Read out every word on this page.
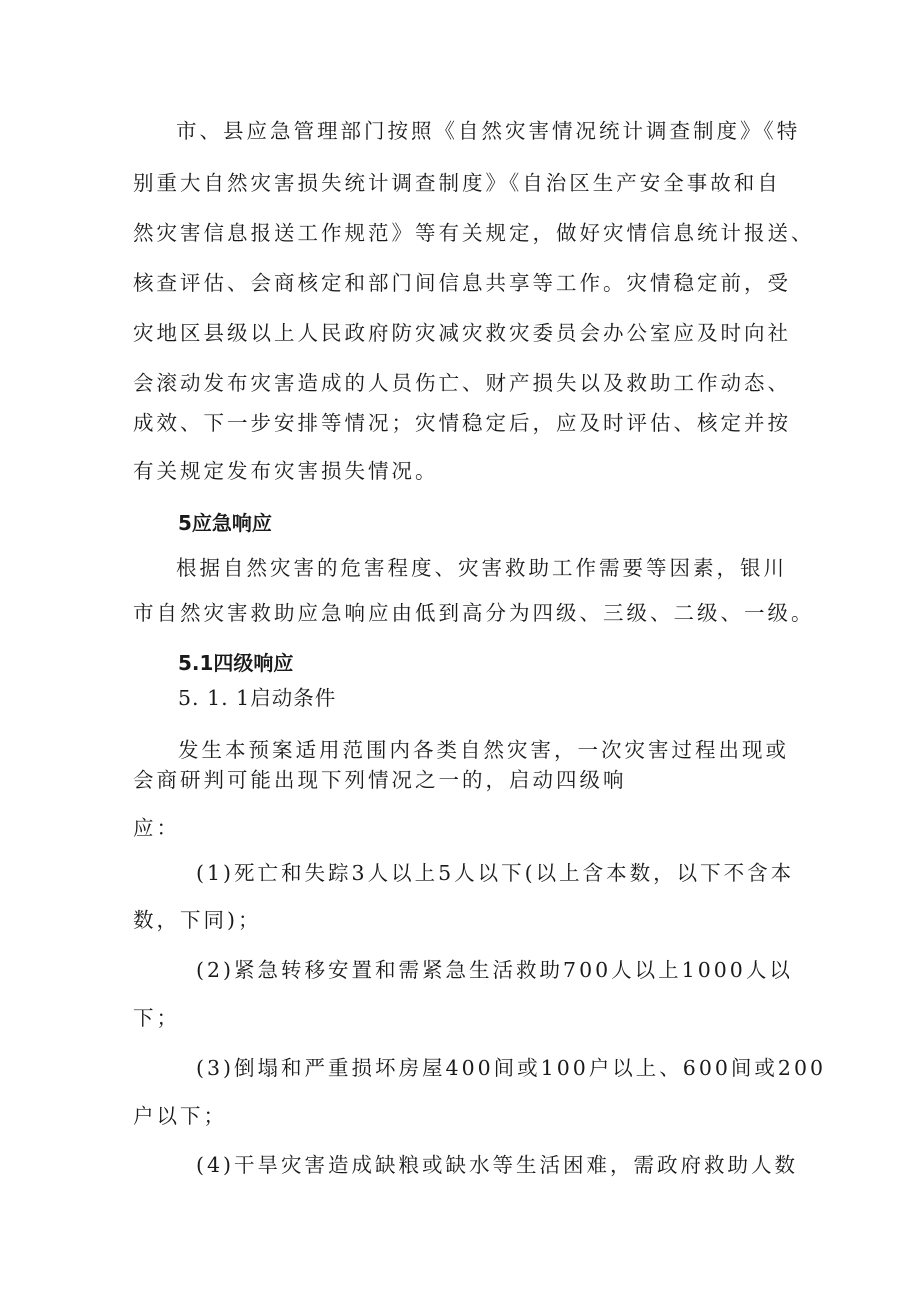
市、县应急管理部门按照《自然灾害情况统计调查制度》《特
别重大自然灾害损失统计调查制度》《自治区生产安全事故和自
然灾害信息报送工作规范》等有关规定，做好灾情信息统计报送、
核查评估、会商核定和部门间信息共享等工作。灾情稳定前，受
灾地区县级以上人民政府防灾减灾救灾委员会办公室应及时向社
会滚动发布灾害造成的人员伤亡、财产损失以及救助工作动态、
成效、下一步安排等情况；灾情稳定后，应及时评估、核定并按
有关规定发布灾害损失情况。
5应急响应
根据自然灾害的危害程度、灾害救助工作需要等因素，银川
市自然灾害救助应急响应由低到高分为四级、三级、二级、一级。
5.1四级响应
5. 1. 1启动条件
发生本预案适用范围内各类自然灾害，一次灾害过程出现或
会商研判可能出现下列情况之一的，启动四级响
应：
(1)死亡和失踪3人以上5人以下(以上含本数，以下不含本
数，下同)；
(2)紧急转移安置和需紧急生活救助700人以上1000人以
下；
(3)倒塌和严重损坏房屋400间或100户以上、600间或200
户以下；
(4)干旱灾害造成缺粮或缺水等生活困难，需政府救助人数
